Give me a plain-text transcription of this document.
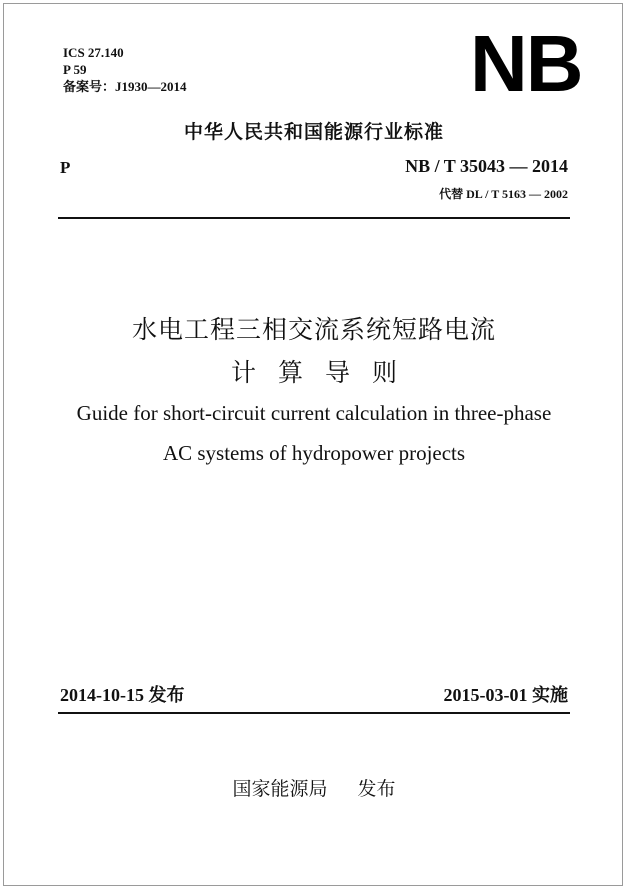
ICS 27.140
P 59
备案号：J1930—2014	NB
中华人民共和国能源行业标准
P	NB / T 35043 — 2014
代替 DL / T 5163 — 2002
水电工程三相交流系统短路电流
计算导则
Guide for short-circuit current calculation in three-phase
AC systems of hydropower projects
2014-10-15 发布	2015-03-01 实施
国家能源局 发布
